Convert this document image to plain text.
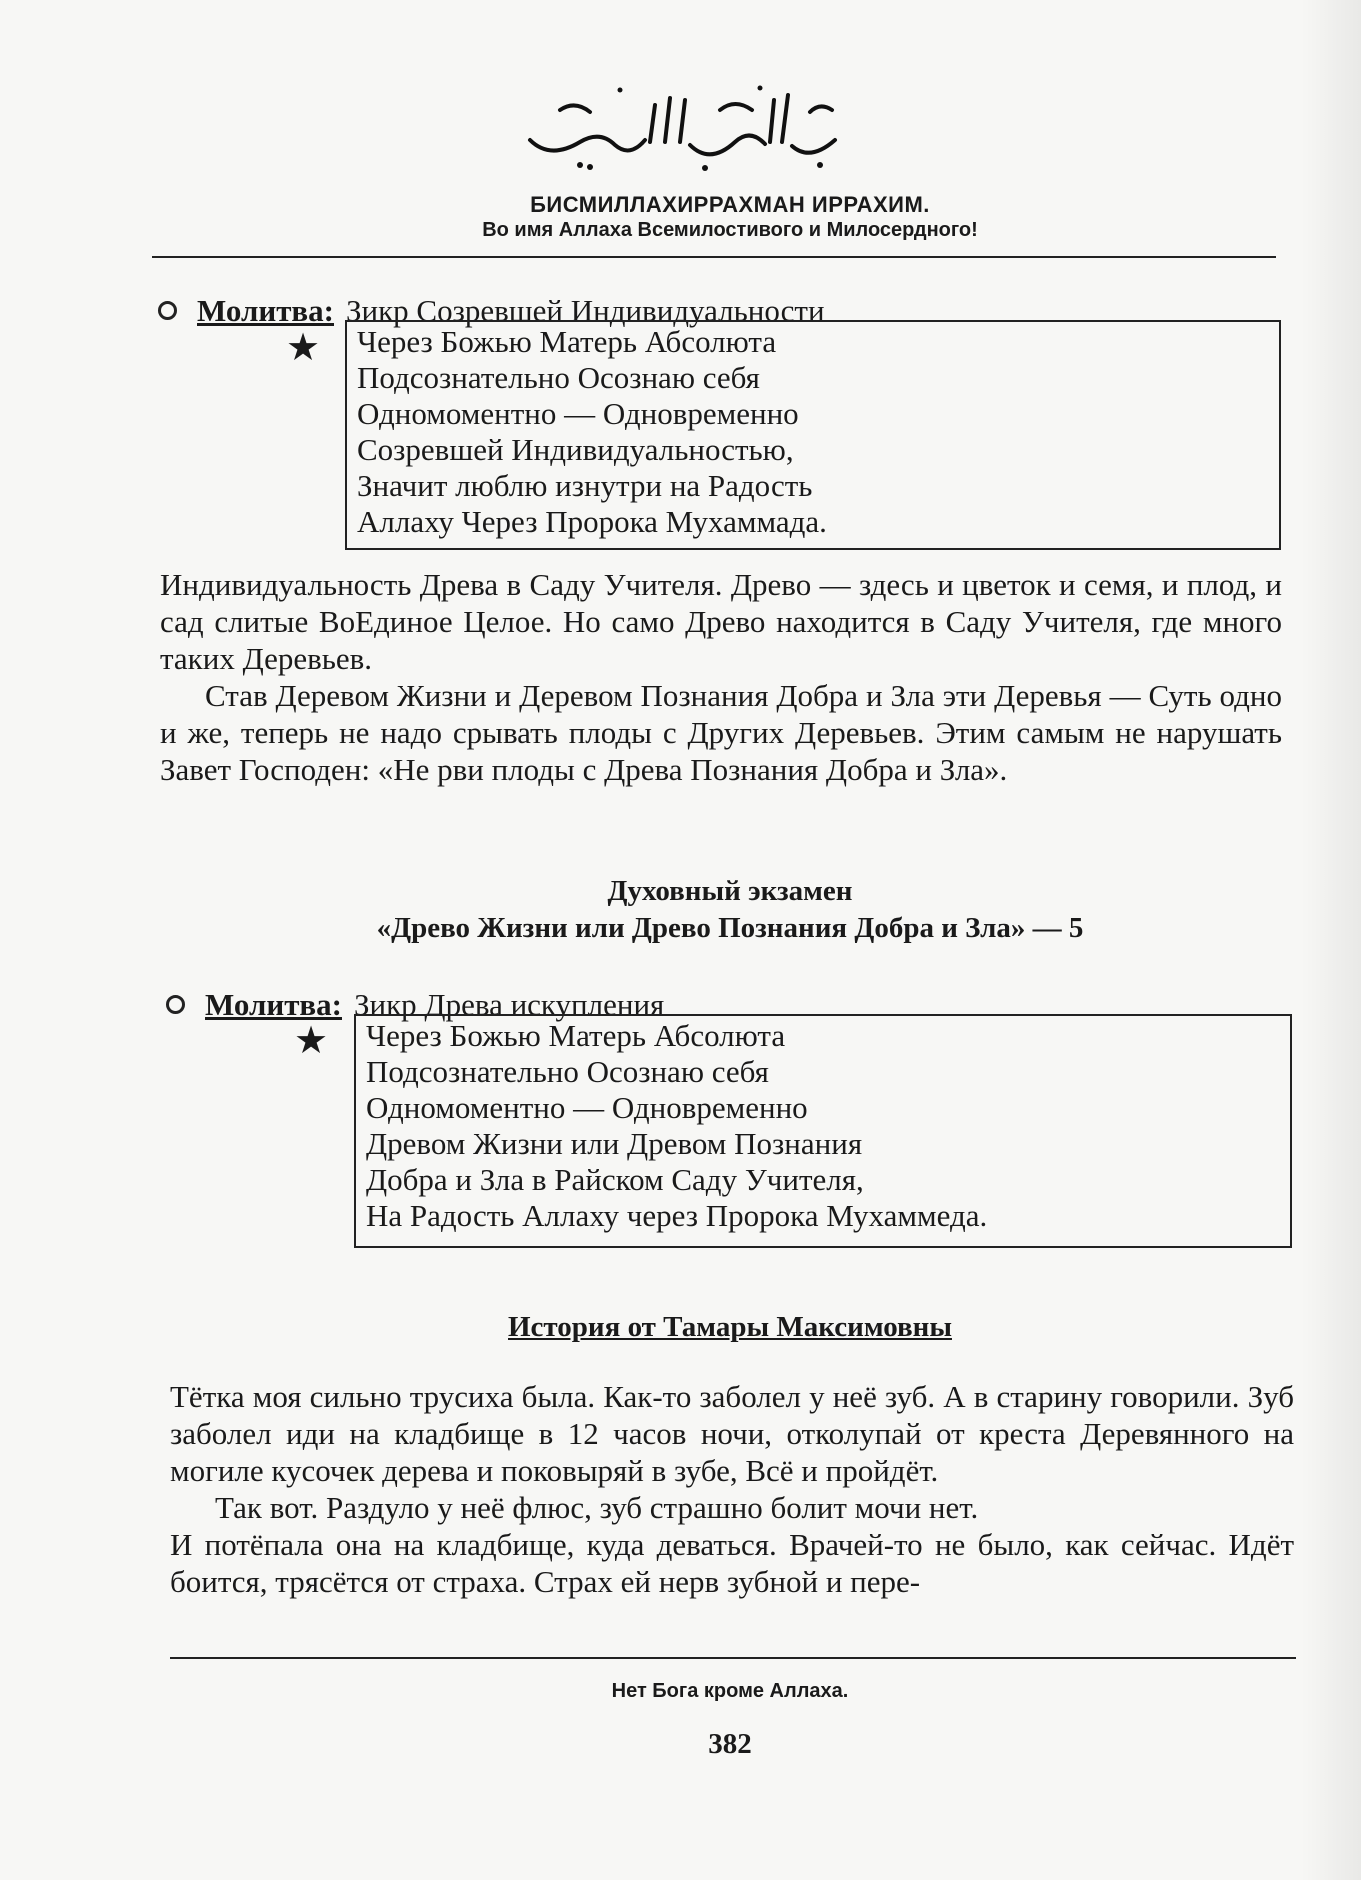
БИСМИЛЛАХИРРАХМАН ИРРАХИМ.
Во имя Аллаха Всемилостивого и Милосердного!
Молитва: Зикр Созревшей Индивидуальности
★ Через Божью Матерь Абсолюта
Подсознательно Осознаю себя
Одномоментно — Одновременно
Созревшей Индивидуальностью,
Значит люблю изнутри на Радость
Аллаху Через Пророка Мухаммада.

Индивидуальность Древа в Саду Учителя. Древо — здесь и цветок и семя, и плод, и сад слитые ВоЕдиное Целое. Но само Древо находится в Саду Учителя, где много таких Деревьев.

Став Деревом Жизни и Деревом Познания Добра и Зла эти Деревья — Суть одно и же, теперь не надо срывать плоды с Других Деревьев. Этим самым не нарушать Завет Господен: «Не рви плоды с Древа Познания Добра и Зла».

Духовный экзамен
«Древо Жизни или Древо Познания Добра и Зла» — 5
Молитва: Зикр Древа искупления
★ Через Божью Матерь Абсолюта
Подсознательно Осознаю себя
Одномоментно — Одновременно
Древом Жизни или Древом Познания
Добра и Зла в Райском Саду Учителя,
На Радость Аллаху через Пророка Мухаммеда.
История от Тамары Максимовны

Тётка моя сильно трусиха была. Как-то заболел у неё зуб. А в старину говорили. Зуб заболел иди на кладбище в 12 часов ночи, отколупай от креста Деревянного на могиле кусочек дерева и поковыряй в зубе, Всё и пройдёт.

Так вот. Раздуло у неё флюс, зуб страшно болит мочи нет.

И потёпала она на кладбище, куда деваться. Врачей-то не было, как сейчас. Идёт боится, трясётся от страха. Страх ей нерв зубной и пере-

Нет Бога кроме Аллаха.
382
